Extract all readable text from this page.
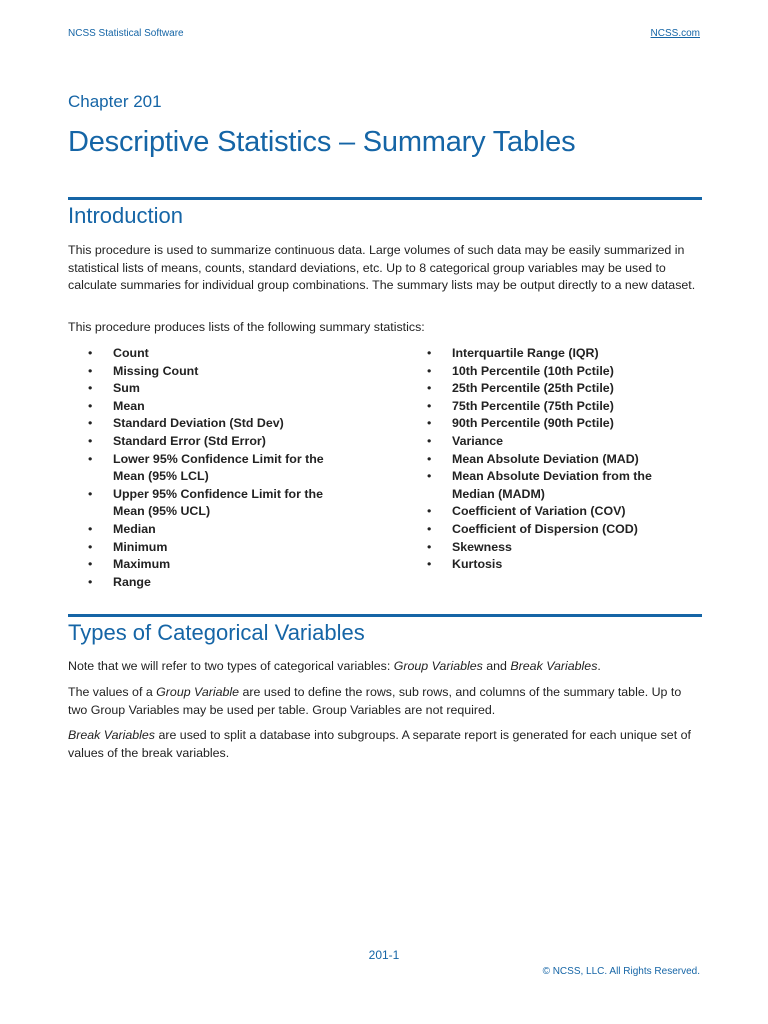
NCSS Statistical Software	NCSS.com
Chapter 201
Descriptive Statistics – Summary Tables
Introduction

This procedure is used to summarize continuous data. Large volumes of such data may be easily summarized in statistical lists of means, counts, standard deviations, etc. Up to 8 categorical group variables may be used to calculate summaries for individual group combinations. The summary lists may be output directly to a new dataset.

This procedure produces lists of the following summary statistics:

• Count
• Missing Count
• Sum
• Mean
• Standard Deviation (Std Dev)
• Standard Error (Std Error)
• Lower 95% Confidence Limit for the Mean (95% LCL)
• Upper 95% Confidence Limit for the Mean (95% UCL)
• Median
• Minimum
• Maximum
• Range
• Interquartile Range (IQR)
• 10th Percentile (10th Pctile)
• 25th Percentile (25th Pctile)
• 75th Percentile (75th Pctile)
• 90th Percentile (90th Pctile)
• Variance
• Mean Absolute Deviation (MAD)
• Mean Absolute Deviation from the Median (MADM)
• Coefficient of Variation (COV)
• Coefficient of Dispersion (COD)
• Skewness
• Kurtosis
Types of Categorical Variables

Note that we will refer to two types of categorical variables: Group Variables and Break Variables.

The values of a Group Variable are used to define the rows, sub rows, and columns of the summary table. Up to two Group Variables may be used per table. Group Variables are not required.

Break Variables are used to split a database into subgroups. A separate report is generated for each unique set of values of the break variables.

201-1
© NCSS, LLC. All Rights Reserved.
